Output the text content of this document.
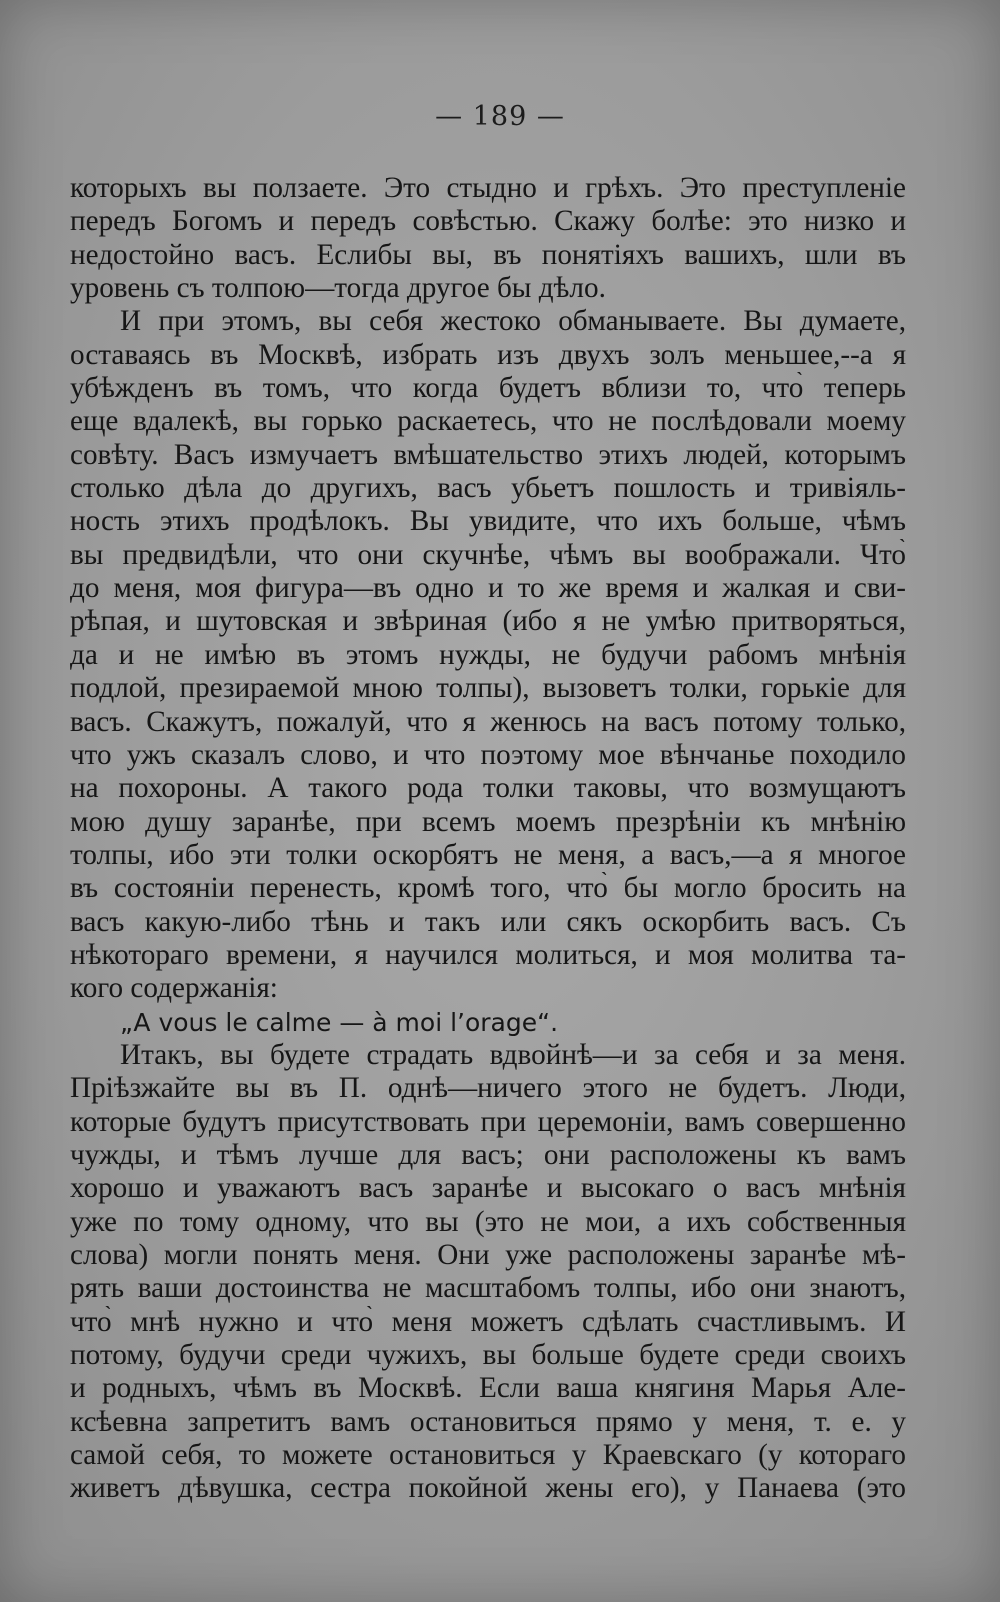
— 189 —
которыхъ вы ползаете. Это стыдно и грѣхъ. Это преступленіе
передъ Богомъ и передъ совѣстью. Скажу болѣе: это низко и
недостойно васъ. Еслибы вы, въ понятіяхъ вашихъ, шли въ
уровень съ толпою—тогда другое бы дѣло.
И при этомъ, вы себя жестоко обманываете. Вы думаете,
оставаясь въ Москвѣ, избрать изъ двухъ золъ меньшее,--а я
убѣжденъ въ томъ, что когда будетъ вблизи то, что̀ теперь
еще вдалекѣ, вы горько раскаетесь, что не послѣдовали моему
совѣту. Васъ измучаетъ вмѣшательство этихъ людей, которымъ
столько дѣла до другихъ, васъ убьетъ пошлость и тривіяль-
ность этихъ продѣлокъ. Вы увидите, что ихъ больше, чѣмъ
вы предвидѣли, что они скучнѣе, чѣмъ вы воображали. Что̀
до меня, моя фигура—въ одно и то же время и жалкая и сви-
рѣпая, и шутовская и звѣриная (ибо я не умѣю притворяться,
да и не имѣю въ этомъ нужды, не будучи рабомъ мнѣнія
подлой, презираемой мною толпы), вызоветъ толки, горькіе для
васъ. Скажутъ, пожалуй, что я женюсь на васъ потому только,
что ужъ сказалъ слово, и что поэтому мое вѣнчанье походило
на похороны. А такого рода толки таковы, что возмущаютъ
мою душу заранѣе, при всемъ моемъ презрѣніи къ мнѣнію
толпы, ибо эти толки оскорбятъ не меня, а васъ,—а я многое
въ состояніи перенесть, кромѣ того, что̀ бы могло бросить на
васъ какую-либо тѣнь и такъ или сякъ оскорбить васъ. Съ
нѣкотораго времени, я научился молиться, и моя молитва та-
кого содержанія:
„A vous le calme — à moi l’orage“.
Итакъ, вы будете страдать вдвойнѣ—и за себя и за меня.
Пріѣзжайте вы въ П. однѣ—ничего этого не будетъ. Люди,
которые будутъ присутствовать при церемоніи, вамъ совершенно
чужды, и тѣмъ лучше для васъ; они расположены къ вамъ
хорошо и уважаютъ васъ заранѣе и высокаго о васъ мнѣнія
уже по тому одному, что вы (это не мои, а ихъ собственныя
слова) могли понять меня. Они уже расположены заранѣе мѣ-
рять ваши достоинства не масштабомъ толпы, ибо они знаютъ,
что̀ мнѣ нужно и что̀ меня можетъ сдѣлать счастливымъ. И
потому, будучи среди чужихъ, вы больше будете среди своихъ
и родныхъ, чѣмъ въ Москвѣ. Если ваша княгиня Марья Але-
ксѣевна запретитъ вамъ остановиться прямо у меня, т. е. у
самой себя, то можете остановиться у Краевскаго (у котораго
живетъ дѣвушка, сестра покойной жены его), у Панаева (это
